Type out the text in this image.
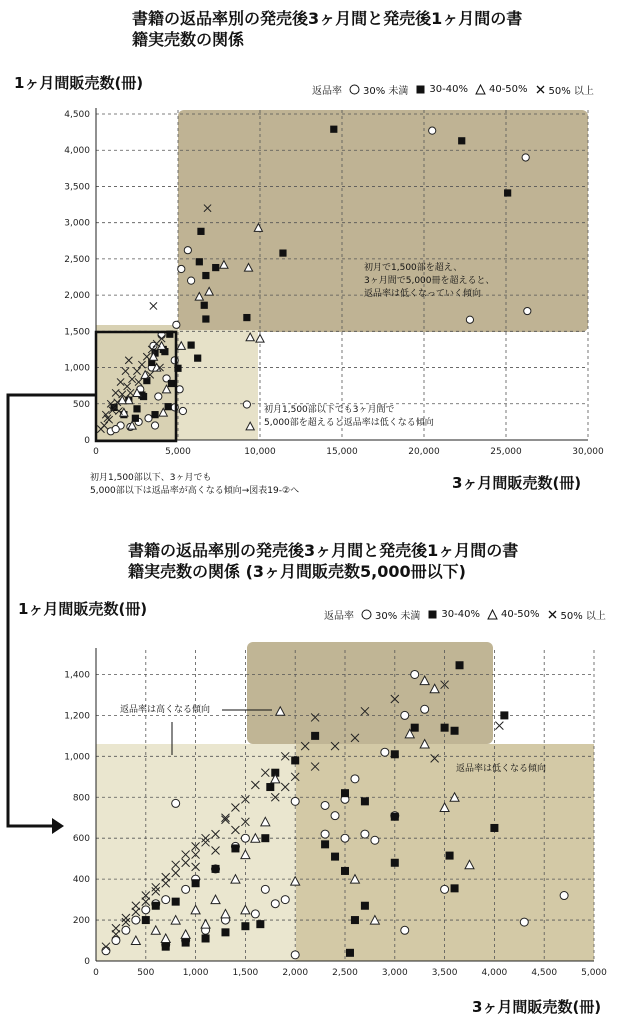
書籍の返品率別の発売後3ヶ月間と発売後1ヶ月間の書
籍実売数の関係
1ヶ月間販売数(冊)	返品率 30% 未満 30-40% 40-50% 50% 以上
0	5,000	10,000	15,000	20,000	25,000	30,000
0
500
1,000
1,500
2,000
2,500
3,000
3,500
4,000
4,500
初月で1,500部を超え、
3ヶ月間で5,000冊を超えると、
返品率は低くなっていく傾向
初月1,500部以下でも3ヶ月間で
5,000部を超えると返品率は低くなる傾向
初月1,500部以下、3ヶ月でも
5,000部以下は返品率が高くなる傾向→図表19-②へ	3ヶ月間販売数(冊)
書籍の返品率別の発売後3ヶ月間と発売後1ヶ月間の書
籍実売数の関係 (3ヶ月間販売数5,000冊以下)
1ヶ月間販売数(冊)	返品率 30% 未満 30-40% 40-50% 50% 以上
0	500	1,000	1,500	2,000	2,500	3,000	3,500	4,000	4,500	5,000
0
200
400
600
800
1,000
1,200
1,400
返品率は高くなる傾向
返品率は低くなる傾向
3ヶ月間販売数(冊)
